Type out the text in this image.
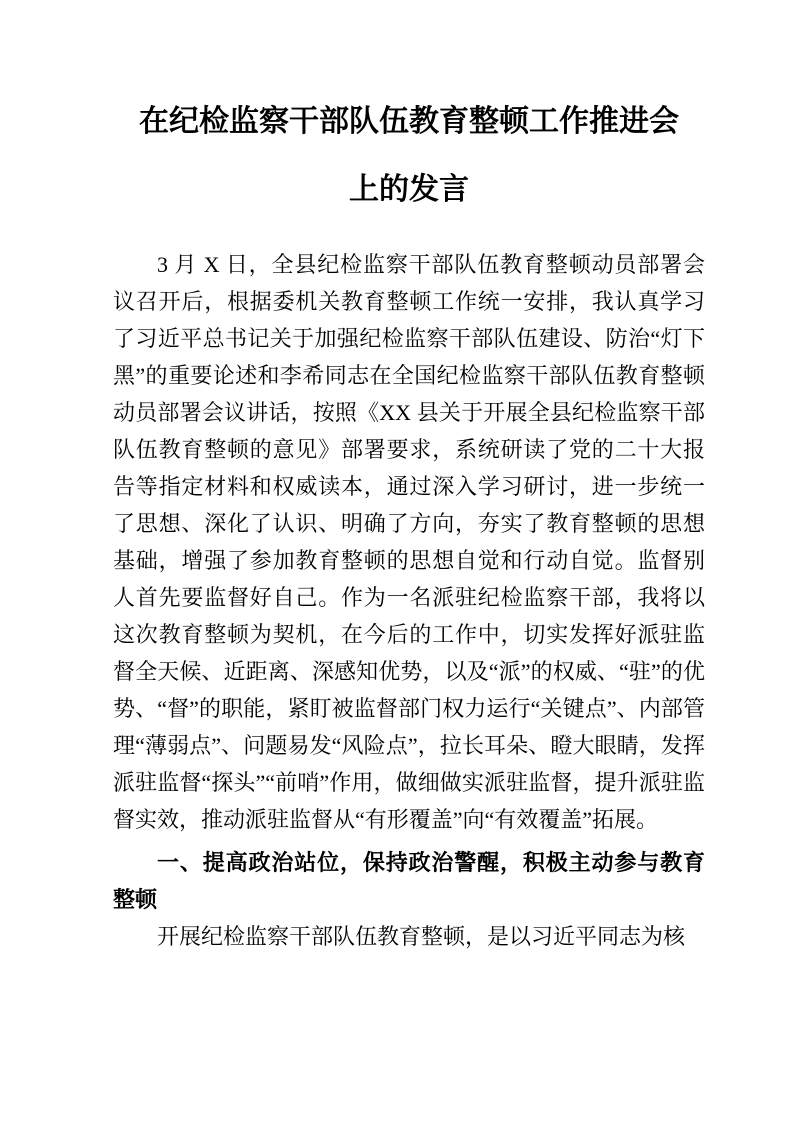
在纪检监察干部队伍教育整顿工作推进会
上的发言

3 月 X 日，全县纪检监察干部队伍教育整顿动员部署会议召开后，根据委机关教育整顿工作统一安排，我认真学习了习近平总书记关于加强纪检监察干部队伍建设、防治“灯下黑”的重要论述和李希同志在全国纪检监察干部队伍教育整顿动员部署会议讲话，按照《XX 县关于开展全县纪检监察干部队伍教育整顿的意见》部署要求，系统研读了党的二十大报告等指定材料和权威读本，通过深入学习研讨，进一步统一了思想、深化了认识、明确了方向，夯实了教育整顿的思想基础，增强了参加教育整顿的思想自觉和行动自觉。监督别人首先要监督好自己。作为一名派驻纪检监察干部，我将以这次教育整顿为契机，在今后的工作中，切实发挥好派驻监督全天候、近距离、深感知优势，以及“派”的权威、“驻”的优势、“督”的职能，紧盯被监督部门权力运行“关键点”、内部管理“薄弱点”、问题易发“风险点”，拉长耳朵、瞪大眼睛，发挥派驻监督“探头”“前哨”作用，做细做实派驻监督，提升派驻监督实效，推动派驻监督从“有形覆盖”向“有效覆盖”拓展。

一、提高政治站位，保持政治警醒，积极主动参与教育整顿

开展纪检监察干部队伍教育整顿，是以习近平同志为核
